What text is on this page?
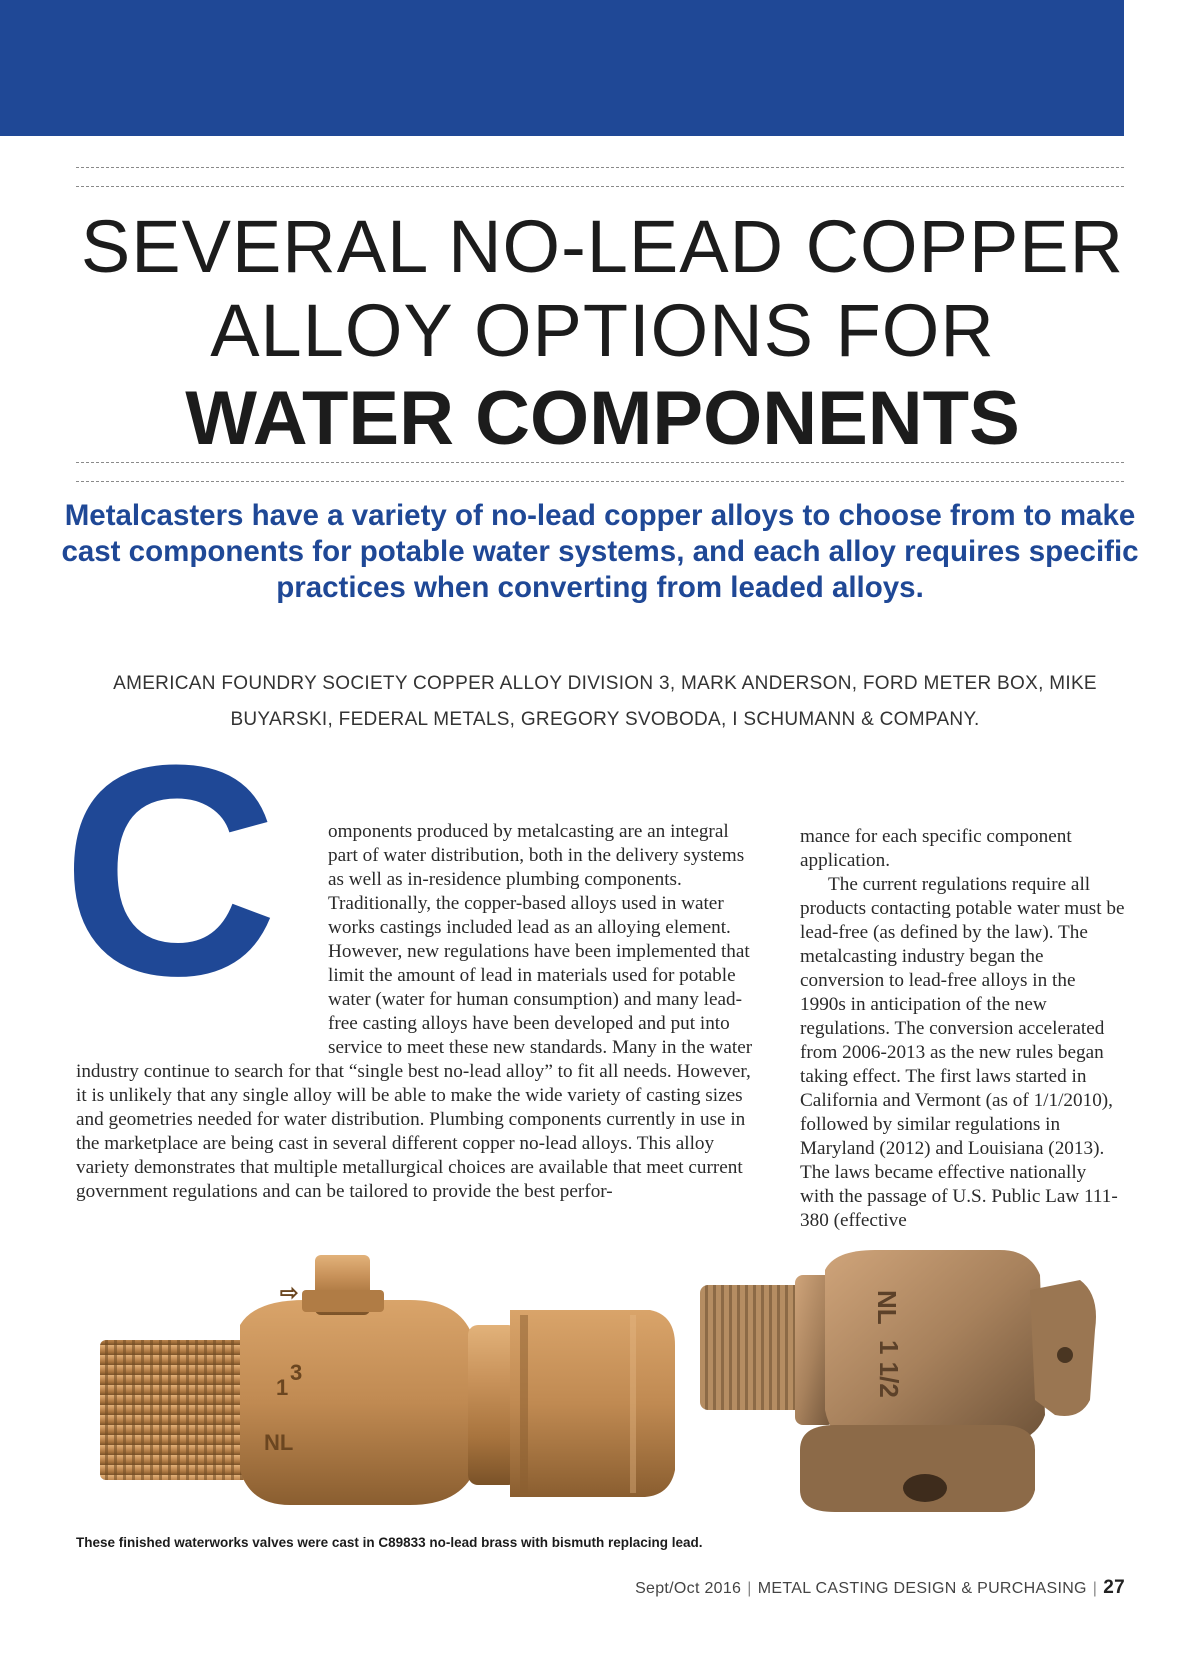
SEVERAL NO-LEAD COPPER
ALLOY OPTIONS FOR
WATER COMPONENTS

Metalcasters have a variety of no-lead copper alloys to choose from to make cast components for potable water systems, and each alloy requires specific practices when converting from leaded alloys.

AMERICAN FOUNDRY SOCIETY COPPER ALLOY DIVISION 3, MARK ANDERSON, FORD METER BOX, MIKE BUYARSKI, FEDERAL METALS, GREGORY SVOBODA, I SCHUMANN & COMPANY.

C	omponents produced by metalcasting are an integral part of water distribution, both in the delivery systems as well as in-residence plumbing components. Traditionally, the copper-based alloys used in water works castings included lead as an alloying element. However, new regulations have been implemented that limit the amount of lead in materials used for potable water (water for human consumption) and many lead-free casting alloys have been developed and put into service to meet these new standards. Many in the water industry continue to search for that “single best no-lead alloy” to fit all needs. However, it is unlikely that any single alloy will be able to make the wide variety of casting sizes and geometries needed for water distribution. Plumbing components currently in use in the marketplace are being cast in several different copper no-lead alloys. This alloy variety demonstrates that multiple metallurgical choices are available that meet current government regulations and can be tailored to provide the best perfor-
mance for each specific component application.
The current regulations require all products contacting potable water must be lead-free (as defined by the law). The metalcasting industry began the conversion to lead-free alloys in the 1990s in anticipation of the new regulations. The conversion accelerated from 2006-2013 as the new rules began taking effect. The first laws started in California and Vermont (as of 1/1/2010), followed by similar regulations in Maryland (2012) and Louisiana (2013). The laws became effective nationally with the passage of U.S. Public Law 111-380 (effective
⇨
3
1
NL
NL
1 1/2

These finished waterworks valves were cast in C89833 no-lead brass with bismuth replacing lead.

Sept/Oct 2016 | METAL CASTING DESIGN & PURCHASING | 27
